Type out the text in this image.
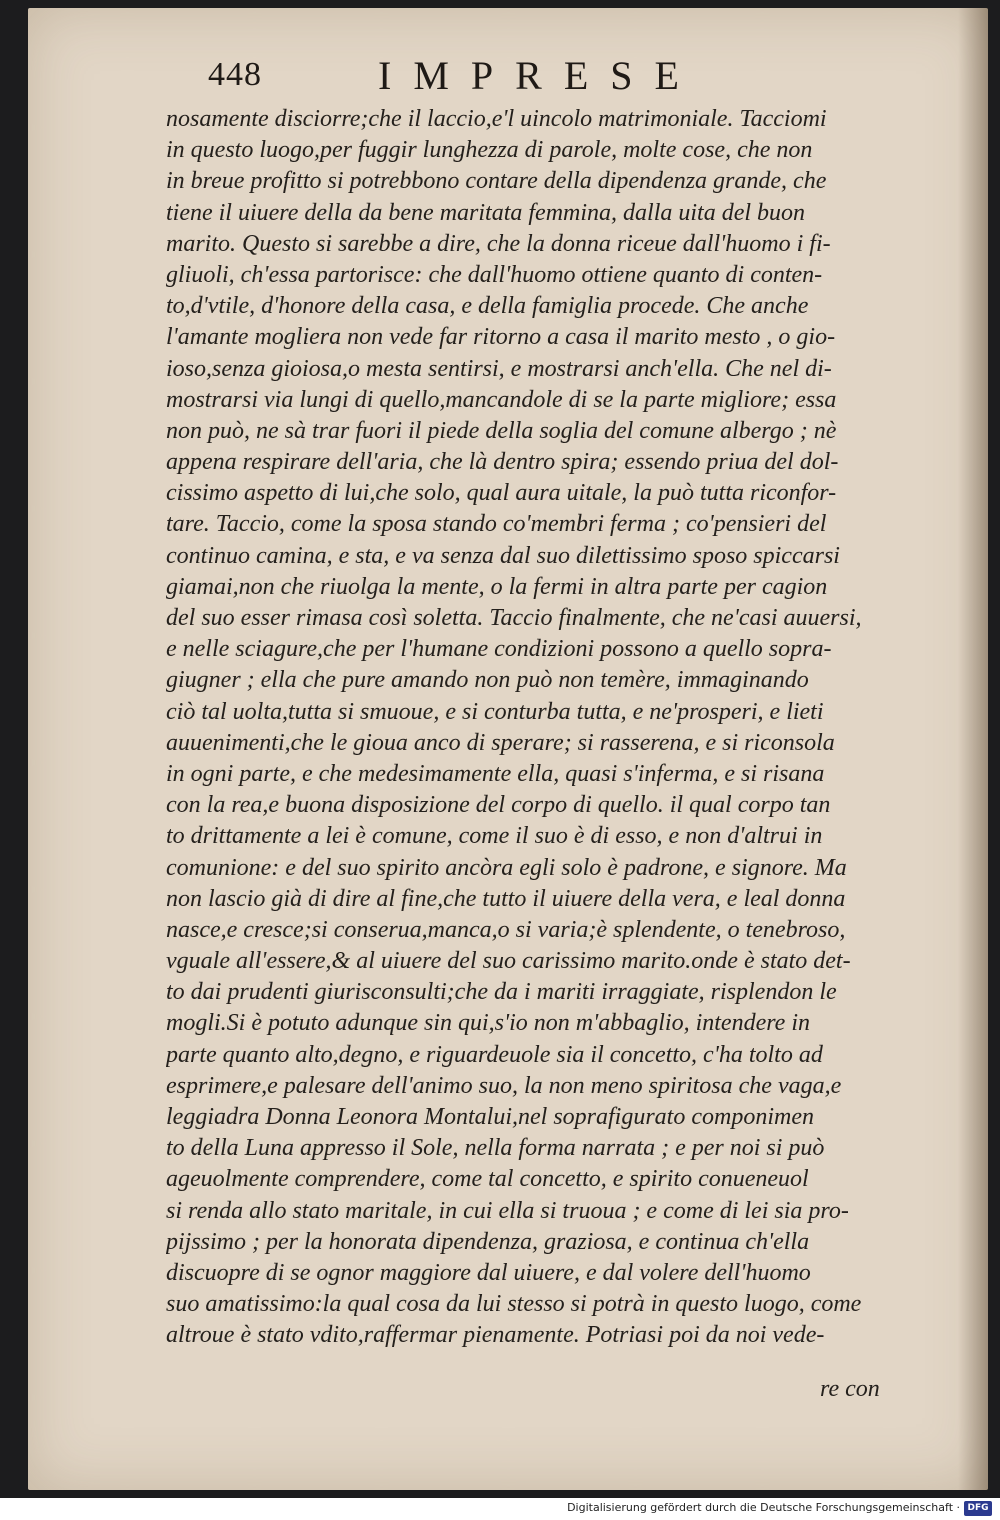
448	IMPRESE
nosamente disciorre;che il laccio,e'l uincolo matrimoniale. Tacciomi
in questo luogo,per fuggir lunghezza di parole, molte cose, che non
in breue profitto si potrebbono contare della dipendenza grande, che
tiene il uiuere della da bene maritata femmina, dalla uita del buon
marito. Questo si sarebbe a dire, che la donna riceue dall'huomo i fi-
gliuoli, ch'essa partorisce: che dall'huomo ottiene quanto di conten-
to,d'vtile, d'honore della casa, e della famiglia procede. Che anche
l'amante mogliera non vede far ritorno a casa il marito mesto , o gio-
ioso,senza gioiosa,o mesta sentirsi, e mostrarsi anch'ella. Che nel di-
mostrarsi via lungi di quello,mancandole di se la parte migliore; essa
non può, ne sà trar fuori il piede della soglia del comune albergo ; nè
appena respirare dell'aria, che là dentro spira; essendo priua del dol-
cissimo aspetto di lui,che solo, qual aura uitale, la può tutta riconfor-
tare. Taccio, come la sposa stando co'membri ferma ; co'pensieri del
continuo camina, e sta, e va senza dal suo dilettissimo sposo spiccarsi
giamai,non che riuolga la mente, o la fermi in altra parte per cagion
del suo esser rimasa così soletta. Taccio finalmente, che ne'casi auuersi,
e nelle sciagure,che per l'humane condizioni possono a quello sopra-
giugner ; ella che pure amando non può non temère, immaginando
ciò tal uolta,tutta si smuoue, e si conturba tutta, e ne'prosperi, e lieti
auuenimenti,che le gioua anco di sperare; si rasserena, e si riconsola
in ogni parte, e che medesimamente ella, quasi s'inferma, e si risana
con la rea,e buona disposizione del corpo di quello. il qual corpo tan
to drittamente a lei è comune, come il suo è di esso, e non d'altrui in
comunione: e del suo spirito ancòra egli solo è padrone, e signore. Ma
non lascio già di dire al fine,che tutto il uiuere della vera, e leal donna
nasce,e cresce;si conserua,manca,o si varia;è splendente, o tenebroso,
vguale all'essere,& al uiuere del suo carissimo marito.onde è stato det-
to dai prudenti giurisconsulti;che da i mariti irraggiate, risplendon le
mogli.Si è potuto adunque sin qui,s'io non m'abbaglio, intendere in
parte quanto alto,degno, e riguardeuole sia il concetto, c'ha tolto ad
esprimere,e palesare dell'animo suo, la non meno spiritosa che vaga,e
leggiadra Donna Leonora Montalui,nel soprafigurato componimen
to della Luna appresso il Sole, nella forma narrata ; e per noi si può
ageuolmente comprendere, come tal concetto, e spirito conueneuol
si renda allo stato maritale, in cui ella si truoua ; e come di lei sia pro-
pijssimo ; per la honorata dipendenza, graziosa, e continua ch'ella
discuopre di se ognor maggiore dal uiuere, e dal volere dell'huomo
suo amatissimo:la qual cosa da lui stesso si potrà in questo luogo, come
altroue è stato vdito,raffermar pienamente. Potriasi poi da noi vede-
re con
Digitalisierung gefördert durch die Deutsche Forschungsgemeinschaft · DFG
